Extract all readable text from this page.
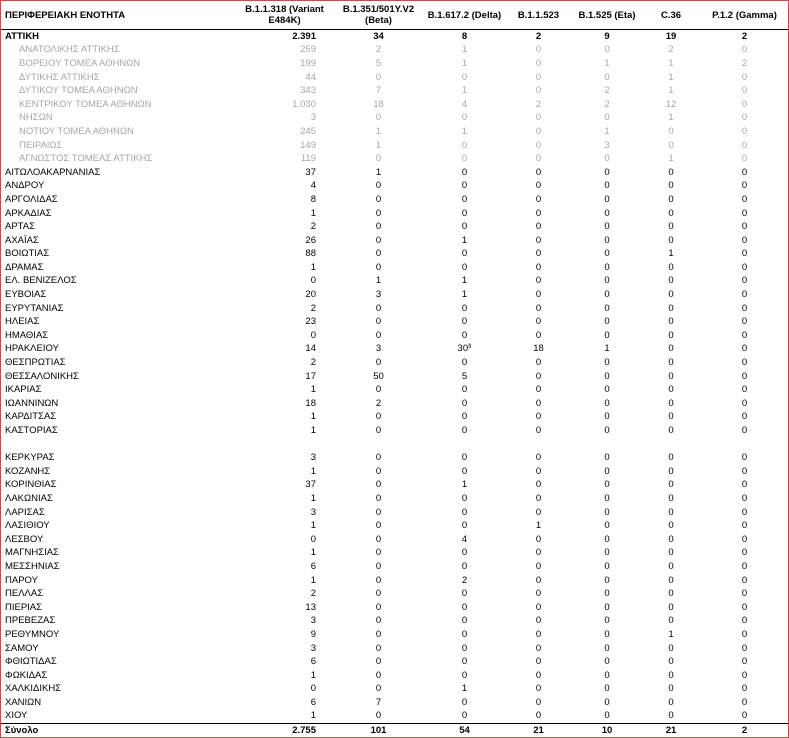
ΠΕΡΙΦΕΡΕΙΑΚΗ ΕΝΟΤΗΤΑ	B.1.1.318 (Variant E484K)	B.1.351/501Y.V2 (Beta)	B.1.617.2 (Delta)	B.1.1.523	B.1.525 (Eta)	C.36	P.1.2 (Gamma)
ΑΤΤΙΚΗ	2.391	34	8	2	9	19	2
ΑΝΑΤΟΛΙΚΗΣ ΑΤΤΙΚΗΣ	259	2	1	0	0	2	0
ΒΟΡΕΙΟΥ ΤΟΜΕΑ ΑΘΗΝΩΝ	199	5	1	0	1	1	2
ΔΥΤΙΚΗΣ ΑΤΤΙΚΗΣ	44	0	0	0	0	1	0
ΔΥΤΙΚΟΥ ΤΟΜΕΑ ΑΘΗΝΩΝ	343	7	1	0	2	1	0
ΚΕΝΤΡΙΚΟΥ ΤΟΜΕΑ ΑΘΗΝΩΝ	1.030	18	4	2	2	12	0
ΝΗΣΩΝ	3	0	0	0	0	1	0
ΝΟΤΙΟΥ ΤΟΜΕΑ ΑΘΗΝΩΝ	245	1	1	0	1	0	0
ΠΕΙΡΑΙΩΣ	149	1	0	0	3	0	0
ΑΓΝΩΣΤΟΣ ΤΟΜΕΑΣ ΑΤΤΙΚΗΣ	119	0	0	0	0	1	0
ΑΙΤΩΛΟΑΚΑΡΝΑΝΙΑΣ	37	1	0	0	0	0	0
ΑΝΔΡΟΥ	4	0	0	0	0	0	0
ΑΡΓΟΛΙΔΑΣ	8	0	0	0	0	0	0
ΑΡΚΑΔΙΑΣ	1	0	0	0	0	0	0
ΑΡΤΑΣ	2	0	0	0	0	0	0
ΑΧΑΪΑΣ	26	0	1	0	0	0	0
ΒΟΙΩΤΙΑΣ	88	0	0	0	0	1	0
ΔΡΑΜΑΣ	1	0	0	0	0	0	0
ΕΛ. ΒΕΝΙΖΕΛΟΣ	0	1	1	0	0	0	0
ΕΥΒΟΙΑΣ	20	3	1	0	0	0	0
ΕΥΡΥΤΑΝΙΑΣ	2	0	0	0	0	0	0
ΗΛΕΙΑΣ	23	0	0	0	0	0	0
ΗΜΑΘΙΑΣ	0	0	0	0	0	0	0
ΗΡΑΚΛΕΙΟΥ	14	3	30§	18	1	0	0
ΘΕΣΠΡΩΤΙΑΣ	2	0	0	0	0	0	0
ΘΕΣΣΑΛΟΝΙΚΗΣ	17	50	5	0	0	0	0
ΙΚΑΡΙΑΣ	1	0	0	0	0	0	0
ΙΩΑΝΝΙΝΩΝ	18	2	0	0	0	0	0
ΚΑΡΔΙΤΣΑΣ	1	0	0	0	0	0	0
ΚΑΣΤΟΡΙΑΣ	1	0	0	0	0	0	0

ΚΕΡΚΥΡΑΣ	3	0	0	0	0	0	0
ΚΟΖΑΝΗΣ	1	0	0	0	0	0	0
ΚΟΡΙΝΘΙΑΣ	37	0	1	0	0	0	0
ΛΑΚΩΝΙΑΣ	1	0	0	0	0	0	0
ΛΑΡΙΣΑΣ	3	0	0	0	0	0	0
ΛΑΣΙΘΙΟΥ	1	0	0	1	0	0	0
ΛΕΣΒΟΥ	0	0	4	0	0	0	0
ΜΑΓΝΗΣΙΑΣ	1	0	0	0	0	0	0
ΜΕΣΣΗΝΙΑΣ	6	0	0	0	0	0	0
ΠΑΡΟΥ	1	0	2	0	0	0	0
ΠΕΛΛΑΣ	2	0	0	0	0	0	0
ΠΙΕΡΙΑΣ	13	0	0	0	0	0	0
ΠΡΕΒΕΖΑΣ	3	0	0	0	0	0	0
ΡΕΘΥΜΝΟΥ	9	0	0	0	0	1	0
ΣΑΜΟΥ	3	0	0	0	0	0	0
ΦΘΙΩΤΙΔΑΣ	6	0	0	0	0	0	0
ΦΩΚΙΔΑΣ	1	0	0	0	0	0	0
ΧΑΛΚΙΔΙΚΗΣ	0	0	1	0	0	0	0
ΧΑΝΙΩΝ	6	7	0	0	0	0	0
ΧΙΟΥ	1	0	0	0	0	0	0
Σύνολο	2.755	101	54	21	10	21	2
